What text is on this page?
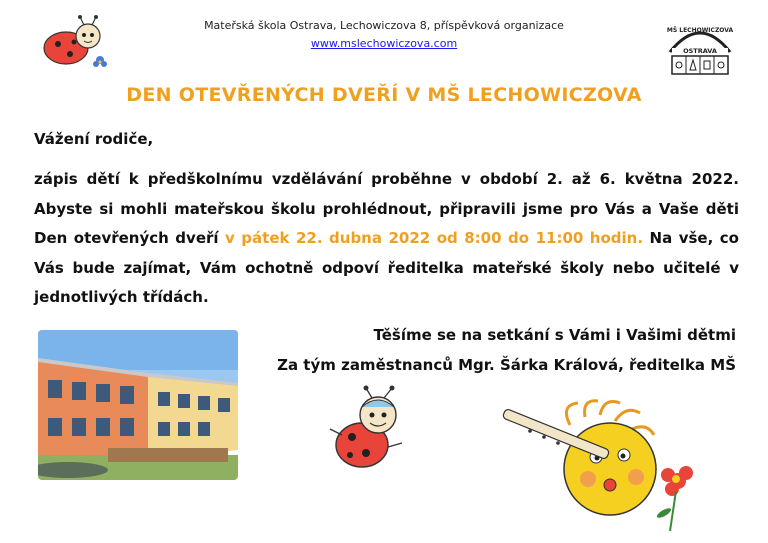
Mateřská škola Ostrava, Lechowiczova 8, příspěvková organizace
www.mslechowiczova.com
MŠ LECHOWICZOVA
OSTRAVA
DEN OTEVŘENÝCH DVEŘÍ V MŠ LECHOWICZOVA
Vážení rodiče,
zápis dětí k předškolnímu vzdělávání proběhne v období 2. až 6. května 2022. Abyste si mohli mateřskou školu prohlédnout, připravili jsme pro Vás a Vaše děti Den otevřených dveří v pátek 22. dubna 2022 od 8:00 do 11:00 hodin. Na vše, co Vás bude zajímat, Vám ochotně odpoví ředitelka mateřské školy nebo učitelé v jednotlivých třídách.
Těšíme se na setkání s Vámi i Vašimi dětmi
Za tým zaměstnanců Mgr. Šárka Králová, ředitelka MŠ
